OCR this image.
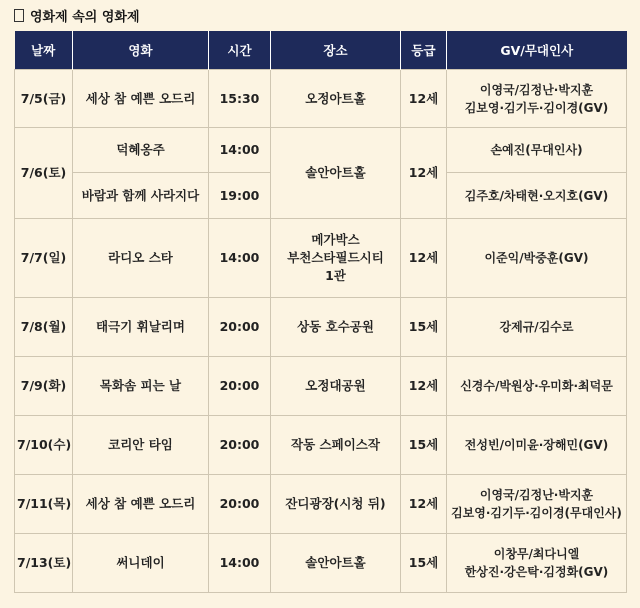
영화제 속의 영화제
날짜	영화	시간	장소	등급	GV/무대인사
7/5(금)	세상 참 예쁜 오드리	15:30	오정아트홀	12세	이영국/김정난·박지훈
김보영·김기두·김이경(GV)

7/6(토)	덕혜옹주	14:00	솔안아트홀	12세	손예진(무대인사)
	바람과 함께 사라지다	19:00			김주호/차태현·오지호(GV)
7/7(일)	라디오 스타	14:00	메가박스
부천스타필드시티
1관	12세	이준익/박중훈(GV)
7/8(월)	태극기 휘날리며	20:00	상동 호수공원	15세	강제규/김수로
7/9(화)	목화솜 피는 날	20:00	오정대공원	12세	신경수/박원상·우미화·최덕문
7/10(수)	코리안 타임	20:00	작동 스페이스작	15세	전성빈/이미윤·장해민(GV)
7/11(목)	세상 참 예쁜 오드리	20:00	잔디광장(시청 뒤)	12세	이영국/김정난·박지훈
김보영·김기두·김이경(무대인사)

7/13(토)	써니데이	14:00	솔안아트홀	15세	이창무/최다니엘
한상진·강은탁·김정화(GV)
